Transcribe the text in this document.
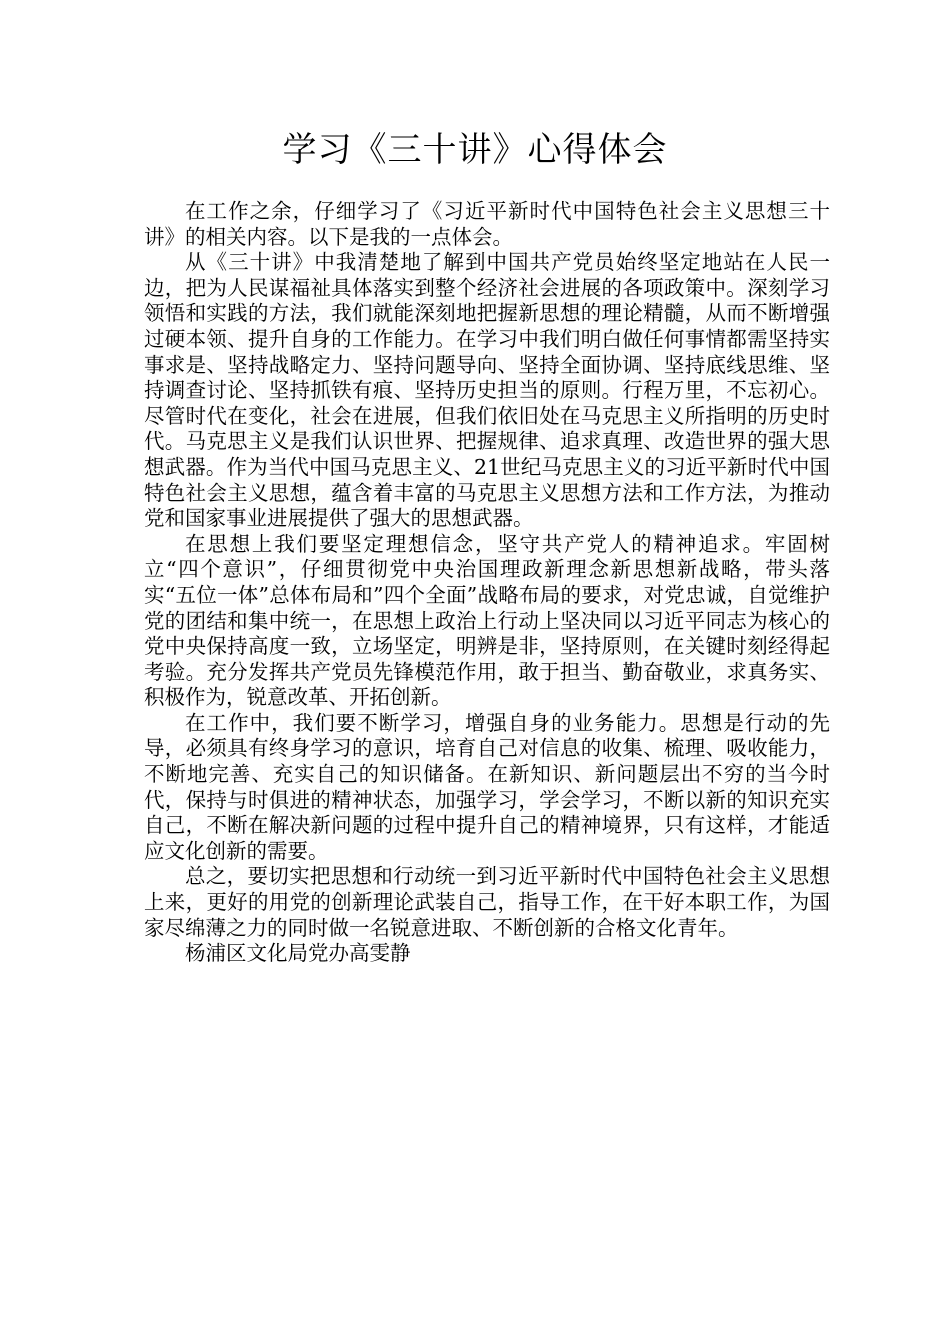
学习《三十讲》心得体会

在工作之余，仔细学习了《习近平新时代中国特色社会主义思想三十讲》的相关内容。以下是我的一点体会。

从《三十讲》中我清楚地了解到中国共产党员始终坚定地站在人民一边，把为人民谋福祉具体落实到整个经济社会进展的各项政策中。深刻学习领悟和实践的方法，我们就能深刻地把握新思想的理论精髓，从而不断增强过硬本领、提升自身的工作能力。在学习中我们明白做任何事情都需坚持实事求是、坚持战略定力、坚持问题导向、坚持全面协调、坚持底线思维、坚持调查讨论、坚持抓铁有痕、坚持历史担当的原则。行程万里，不忘初心。尽管时代在变化，社会在进展，但我们依旧处在马克思主义所指明的历史时代。马克思主义是我们认识世界、把握规律、追求真理、改造世界的强大思想武器。作为当代中国马克思主义、21世纪马克思主义的习近平新时代中国特色社会主义思想，蕴含着丰富的马克思主义思想方法和工作方法，为推动党和国家事业进展提供了强大的思想武器。

在思想上我们要坚定理想信念，坚守共产党人的精神追求。牢固树立“四个意识”，仔细贯彻党中央治国理政新理念新思想新战略，带头落实“五位一体”总体布局和”四个全面”战略布局的要求，对党忠诚，自觉维护党的团结和集中统一，在思想上政治上行动上坚决同以习近平同志为核心的党中央保持高度一致，立场坚定，明辨是非，坚持原则，在关键时刻经得起考验。充分发挥共产党员先锋模范作用，敢于担当、勤奋敬业，求真务实、积极作为，锐意改革、开拓创新。

在工作中，我们要不断学习，增强自身的业务能力。思想是行动的先导，必须具有终身学习的意识，培育自己对信息的收集、梳理、吸收能力，不断地完善、充实自己的知识储备。在新知识、新问题层出不穷的当今时代，保持与时俱进的精神状态，加强学习，学会学习，不断以新的知识充实自己，不断在解决新问题的过程中提升自己的精神境界，只有这样，才能适应文化创新的需要。

总之，要切实把思想和行动统一到习近平新时代中国特色社会主义思想上来，更好的用党的创新理论武装自己，指导工作，在干好本职工作，为国家尽绵薄之力的同时做一名锐意进取、不断创新的合格文化青年。

杨浦区文化局党办高雯静
